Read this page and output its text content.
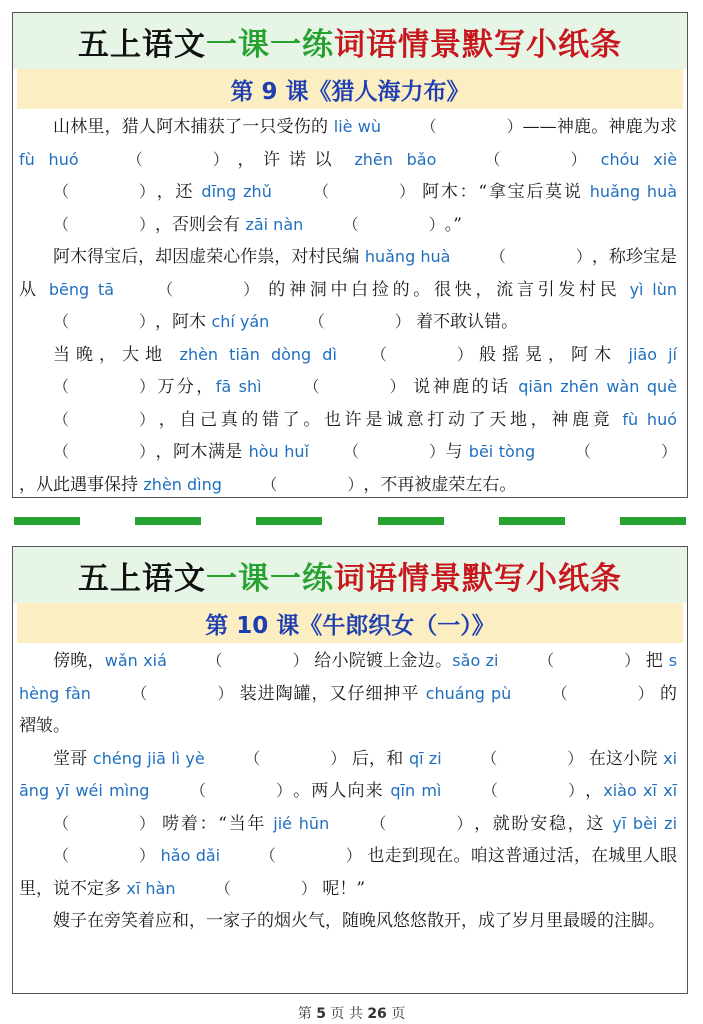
五上语文 一课一练 词语情景默写小纸条
第 9 课《猎人海力布》

山林里，猎人阿木捕获了一只受伤的 liè wù （	）——神鹿。神鹿为求 fù huó	（	），许诺以 zhēn bǎo	（	） chóu xiè （	），还 dīng zhǔ	（	） 阿木：“拿宝后莫说 huǎng huà （	），否则会有 zāi nàn （	）。”

阿木得宝后，却因虚荣心作祟，对村民编 huǎng huà （	），称珍宝是从 bēng tā	（	） 的神洞中白捡的。很快，流言引发村民 yì lùn （	），阿木 chí yán （	） 着不敢认错。

当晚，大地 zhèn tiān dòng dì （	）般摇晃，阿木 jiāo jí（	）万分，fā shì	（	） 说神鹿的话 qiān zhēn wàn què （	），自己真的错了。也许是诚意打动了天地，神鹿竟 fù huó （	），阿木满是 hòu huǐ （	）与 bēi tòng （	），从此遇事保持 zhèn dìng （	），不再被虚荣左右。

五上语文 一课一练 词语情景默写小纸条
第 10 课《牛郎织女（一）》

傍晚，wǎn xiá （	） 给小院镀上金边。sǎo zi （	） 把 shèng fàn	（	） 装进陶罐，又仔细抻平 chuáng pù	（	） 的褶皱。

堂哥 chéng jiā lì yè （	） 后，和 qī zi （	） 在这小院 xiāng yī wéi mìng	（	）。两人向来 qīn mì	（	），xiào xī xī （	） 唠着：“当年 jié hūn	（	），就盼安稳，这 yī bèi zi （	） hǎo dǎi （	） 也走到现在。咱这普通过活，在城里人眼里，说不定多 xī hàn （	） 呢！”

嫂子在旁笑着应和，一家子的烟火气，随晚风悠悠散开，成了岁月里最暖的注脚。

第 5 页 共 26 页
